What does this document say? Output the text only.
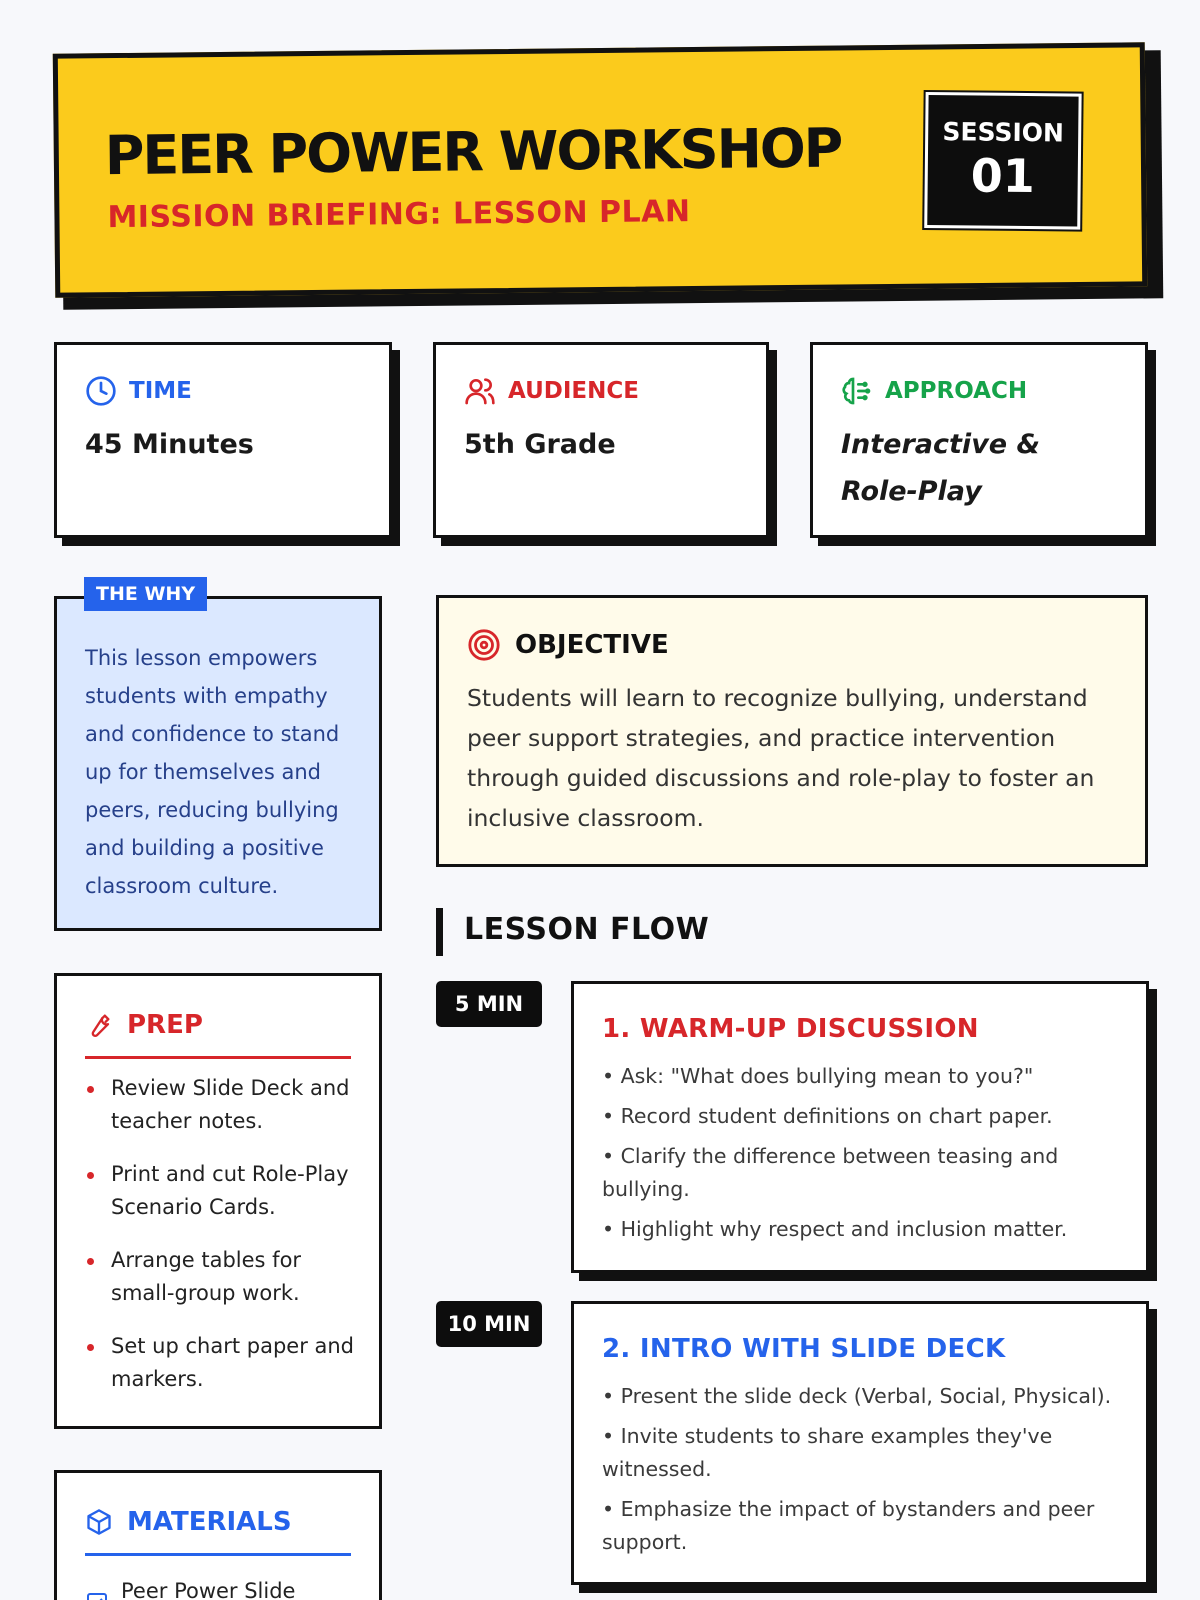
PEER POWER WORKSHOP
MISSION BRIEFING: LESSON PLAN
SESSION
01
TIME
45 Minutes
AUDIENCE
5th Grade
APPROACH
Interactive & Role-Play
This lesson empowers students with empathy and confidence to stand up for themselves and peers, reducing bullying and building a positive classroom culture.
THE WHY
OBJECTIVE
Students will learn to recognize bullying, understand peer support strategies, and practice intervention through guided discussions and role-play to foster an inclusive classroom.
LESSON FLOW
5 MIN
1. WARM-UP DISCUSSION
• Ask: "What does bullying mean to you?"
• Record student definitions on chart paper.
• Clarify the difference between teasing and bullying.
• Highlight why respect and inclusion matter.
10 MIN
2. INTRO WITH SLIDE DECK
• Present the slide deck (Verbal, Social, Physical).
• Invite students to share examples they've witnessed.
• Emphasize the impact of bystanders and peer support.
PREP
Review Slide Deck and teacher notes.
Print and cut Role-Play Scenario Cards.
Arrange tables for small-group work.
Set up chart paper and markers.
MATERIALS
Peer Power Slide
